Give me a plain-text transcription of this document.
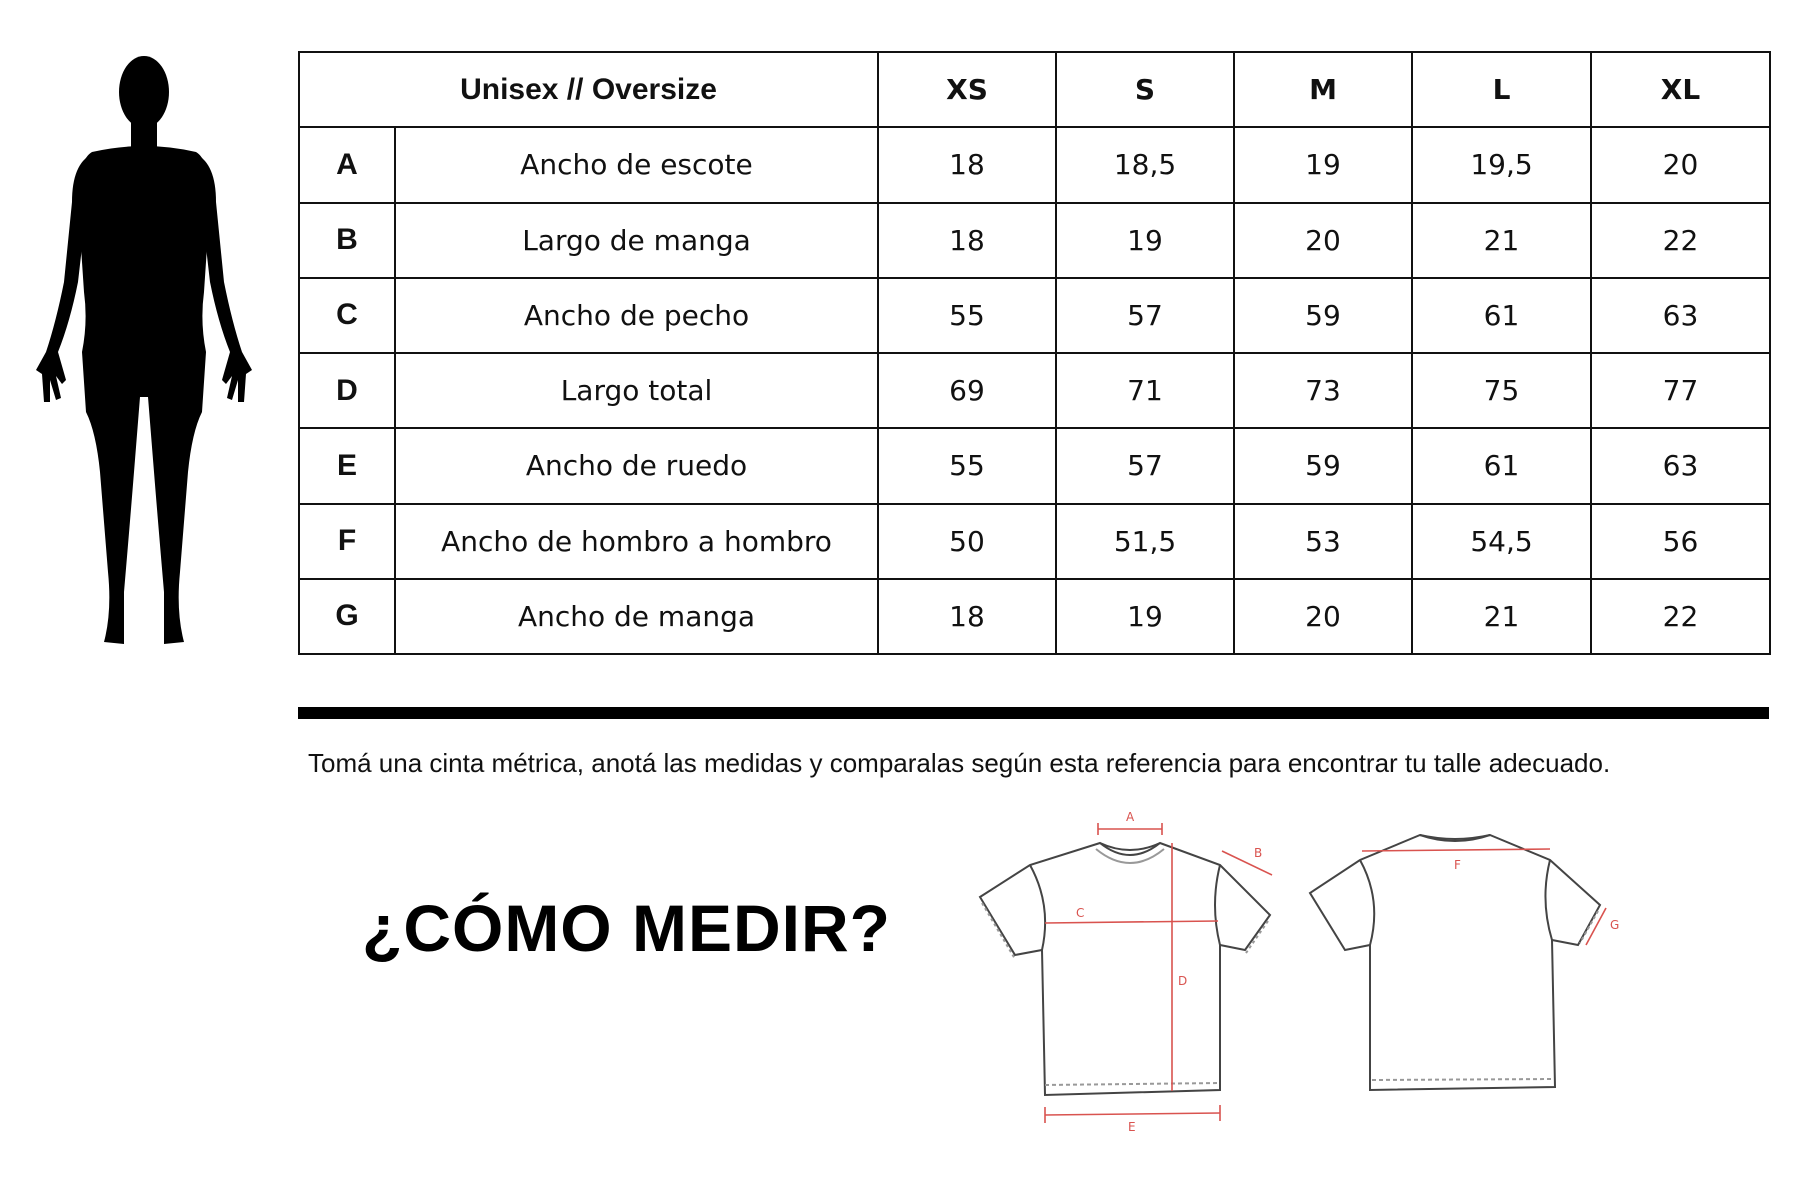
Unisex // Oversize		XS	S	M	L	XL
A	Ancho de escote	18	18,5	19	19,5	20
B	Largo de manga	18	19	20	21	22
C	Ancho de pecho	55	57	59	61	63
D	Largo total	69	71	73	75	77
E	Ancho de ruedo	55	57	59	61	63
F	Ancho de hombro a hombro	50	51,5	53	54,5	56
G	Ancho de manga	18	19	20	21	22
Tomá una cinta métrica, anotá las medidas y comparalas según esta referencia para encontrar tu talle adecuado.
¿CÓMO MEDIR?
A
B
C
D
E
F
G
